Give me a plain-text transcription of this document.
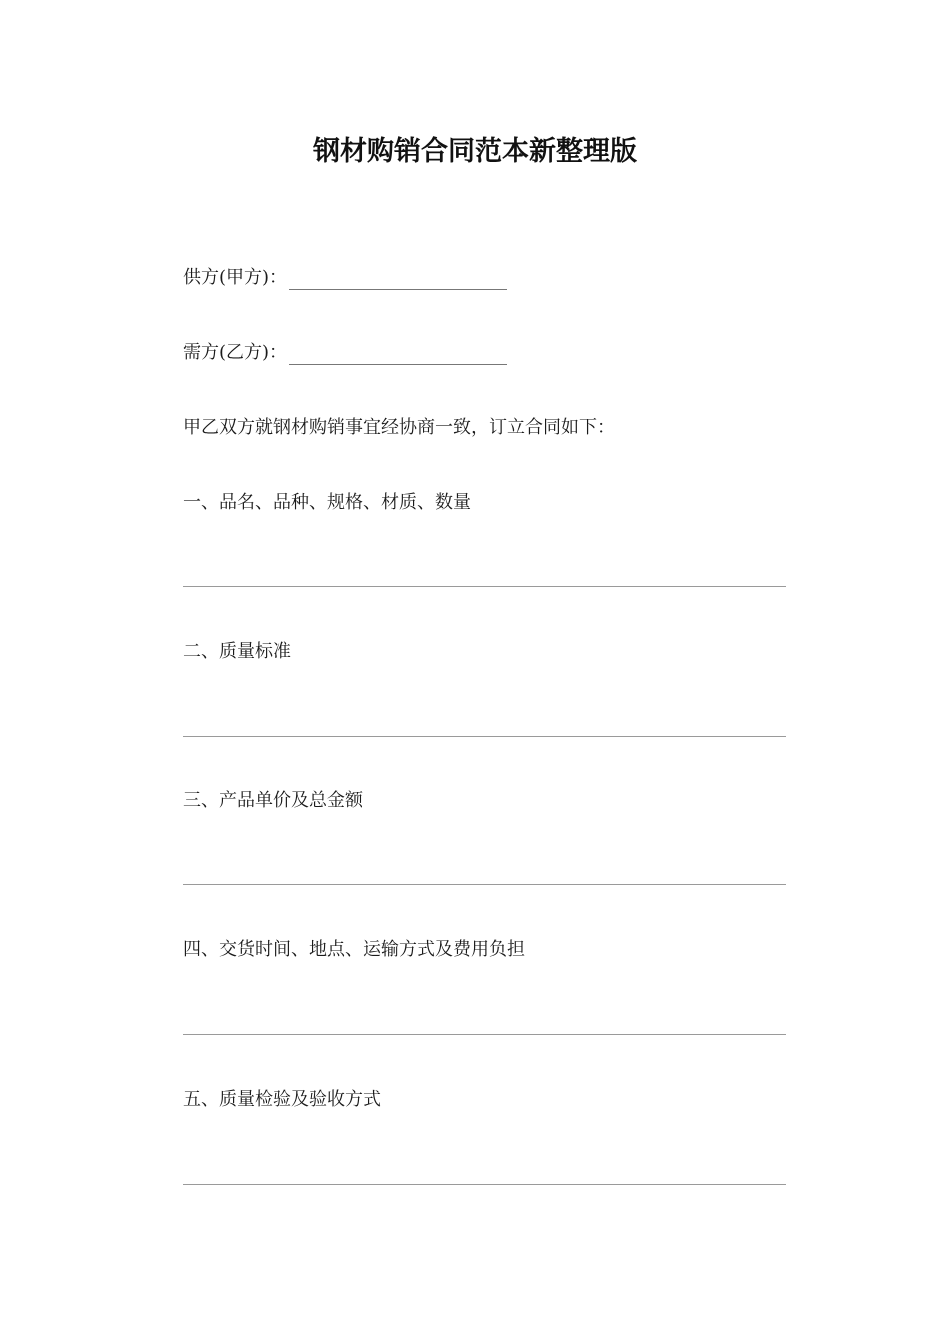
钢材购销合同范本新整理版
供方(甲方)：
需方(乙方)：
甲乙双方就钢材购销事宜经协商一致，订立合同如下：
一、品名、品种、规格、材质、数量
二、质量标准
三、产品单价及总金额
四、交货时间、地点、运输方式及费用负担
五、质量检验及验收方式
